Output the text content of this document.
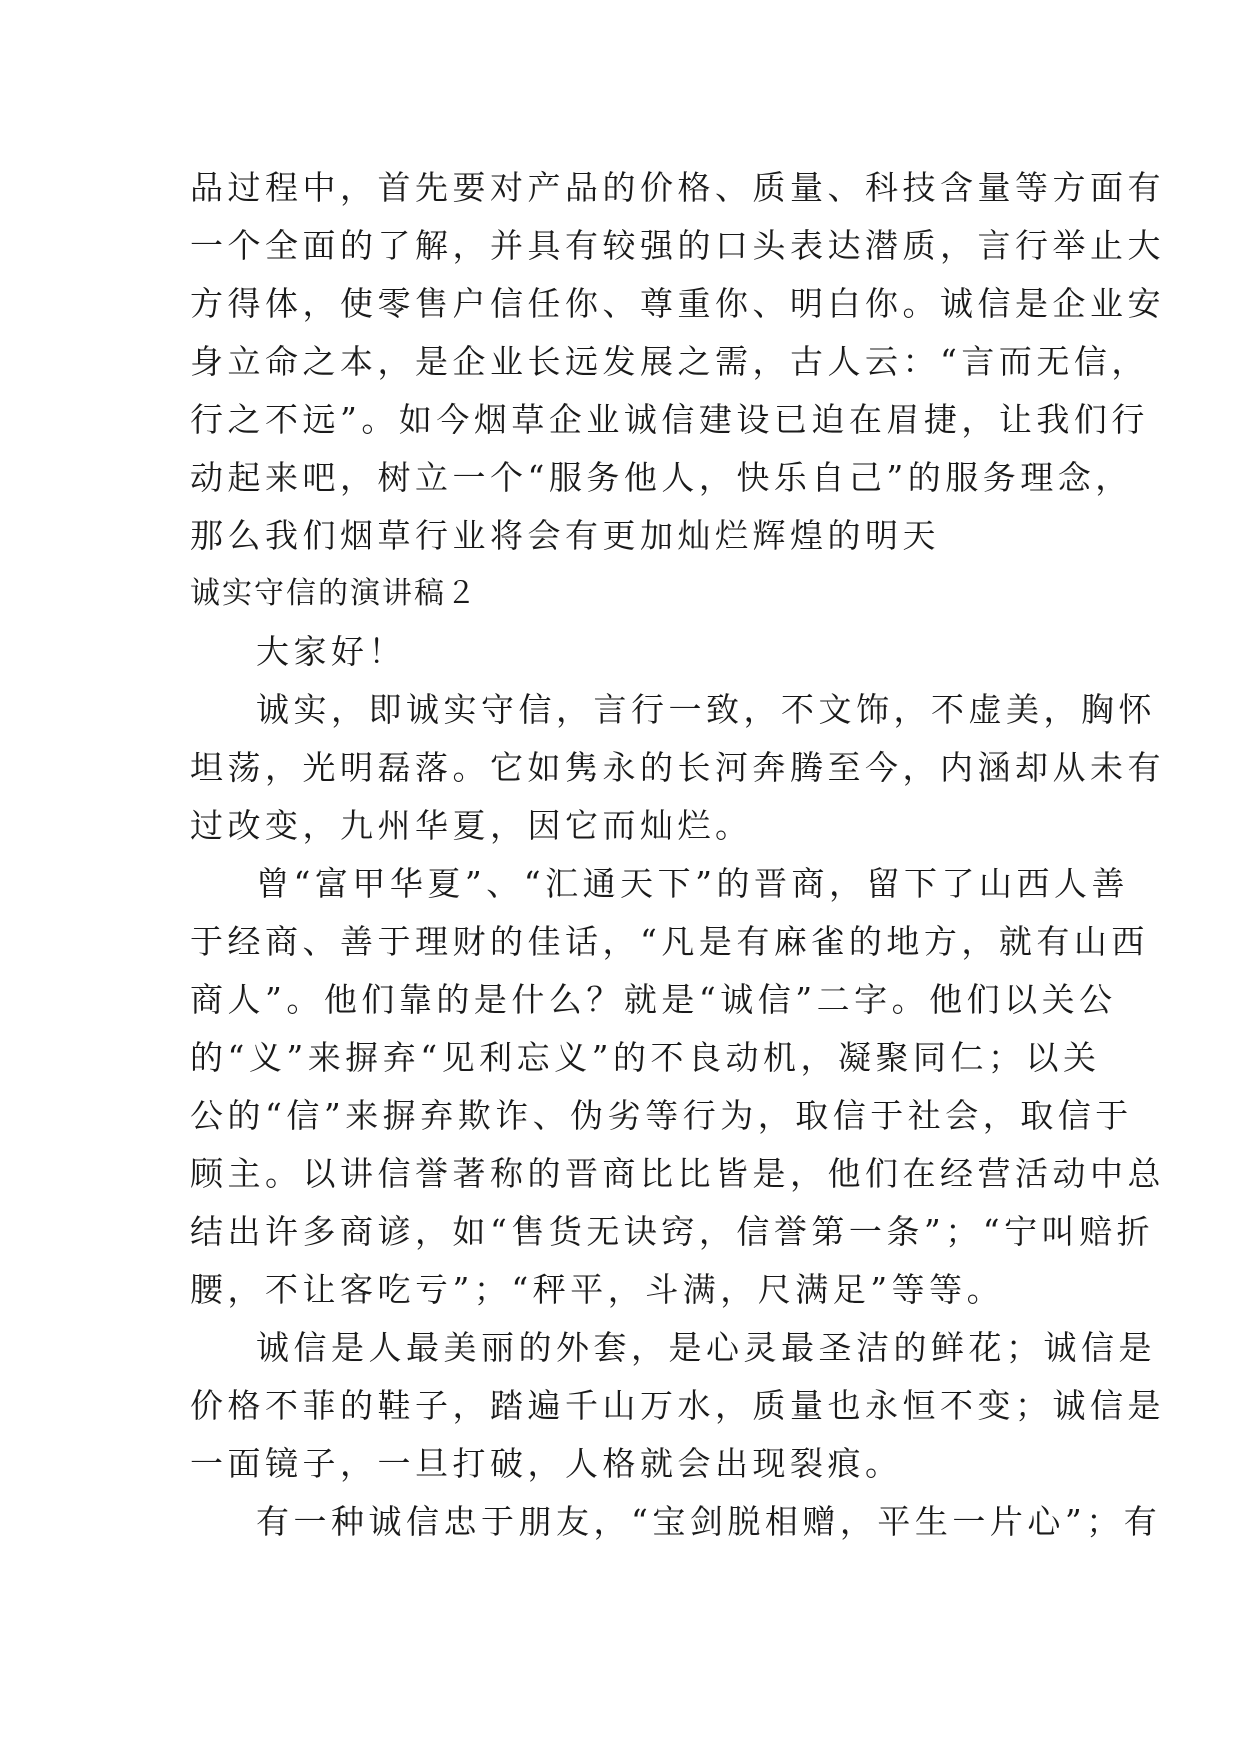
品过程中，首先要对产品的价格、质量、科技含量等方面有
一个全面的了解，并具有较强的口头表达潜质，言行举止大
方得体，使零售户信任你、尊重你、明白你。诚信是企业安
身立命之本，是企业长远发展之需，古人云：“言而无信，
行之不远”。如今烟草企业诚信建设已迫在眉捷，让我们行
动起来吧，树立一个“服务他人，快乐自己”的服务理念，
那么我们烟草行业将会有更加灿烂辉煌的明天
诚实守信的演讲稿２
大家好！
诚实，即诚实守信，言行一致，不文饰，不虚美，胸怀
坦荡，光明磊落。它如隽永的长河奔腾至今，内涵却从未有
过改变，九州华夏，因它而灿烂。
曾“富甲华夏”、“汇通天下”的晋商，留下了山西人善
于经商、善于理财的佳话，“凡是有麻雀的地方，就有山西
商人”。他们靠的是什么？就是“诚信”二字。他们以关公
的“义”来摒弃“见利忘义”的不良动机，凝聚同仁；以关
公的“信”来摒弃欺诈、伪劣等行为，取信于社会，取信于
顾主。以讲信誉著称的晋商比比皆是，他们在经营活动中总
结出许多商谚，如“售货无诀窍，信誉第一条”；“宁叫赔折
腰，不让客吃亏”；“秤平，斗满，尺满足”等等。
诚信是人最美丽的外套，是心灵最圣洁的鲜花；诚信是
价格不菲的鞋子，踏遍千山万水，质量也永恒不变；诚信是
一面镜子，一旦打破，人格就会出现裂痕。
有一种诚信忠于朋友，“宝剑脱相赠，平生一片心”；有
